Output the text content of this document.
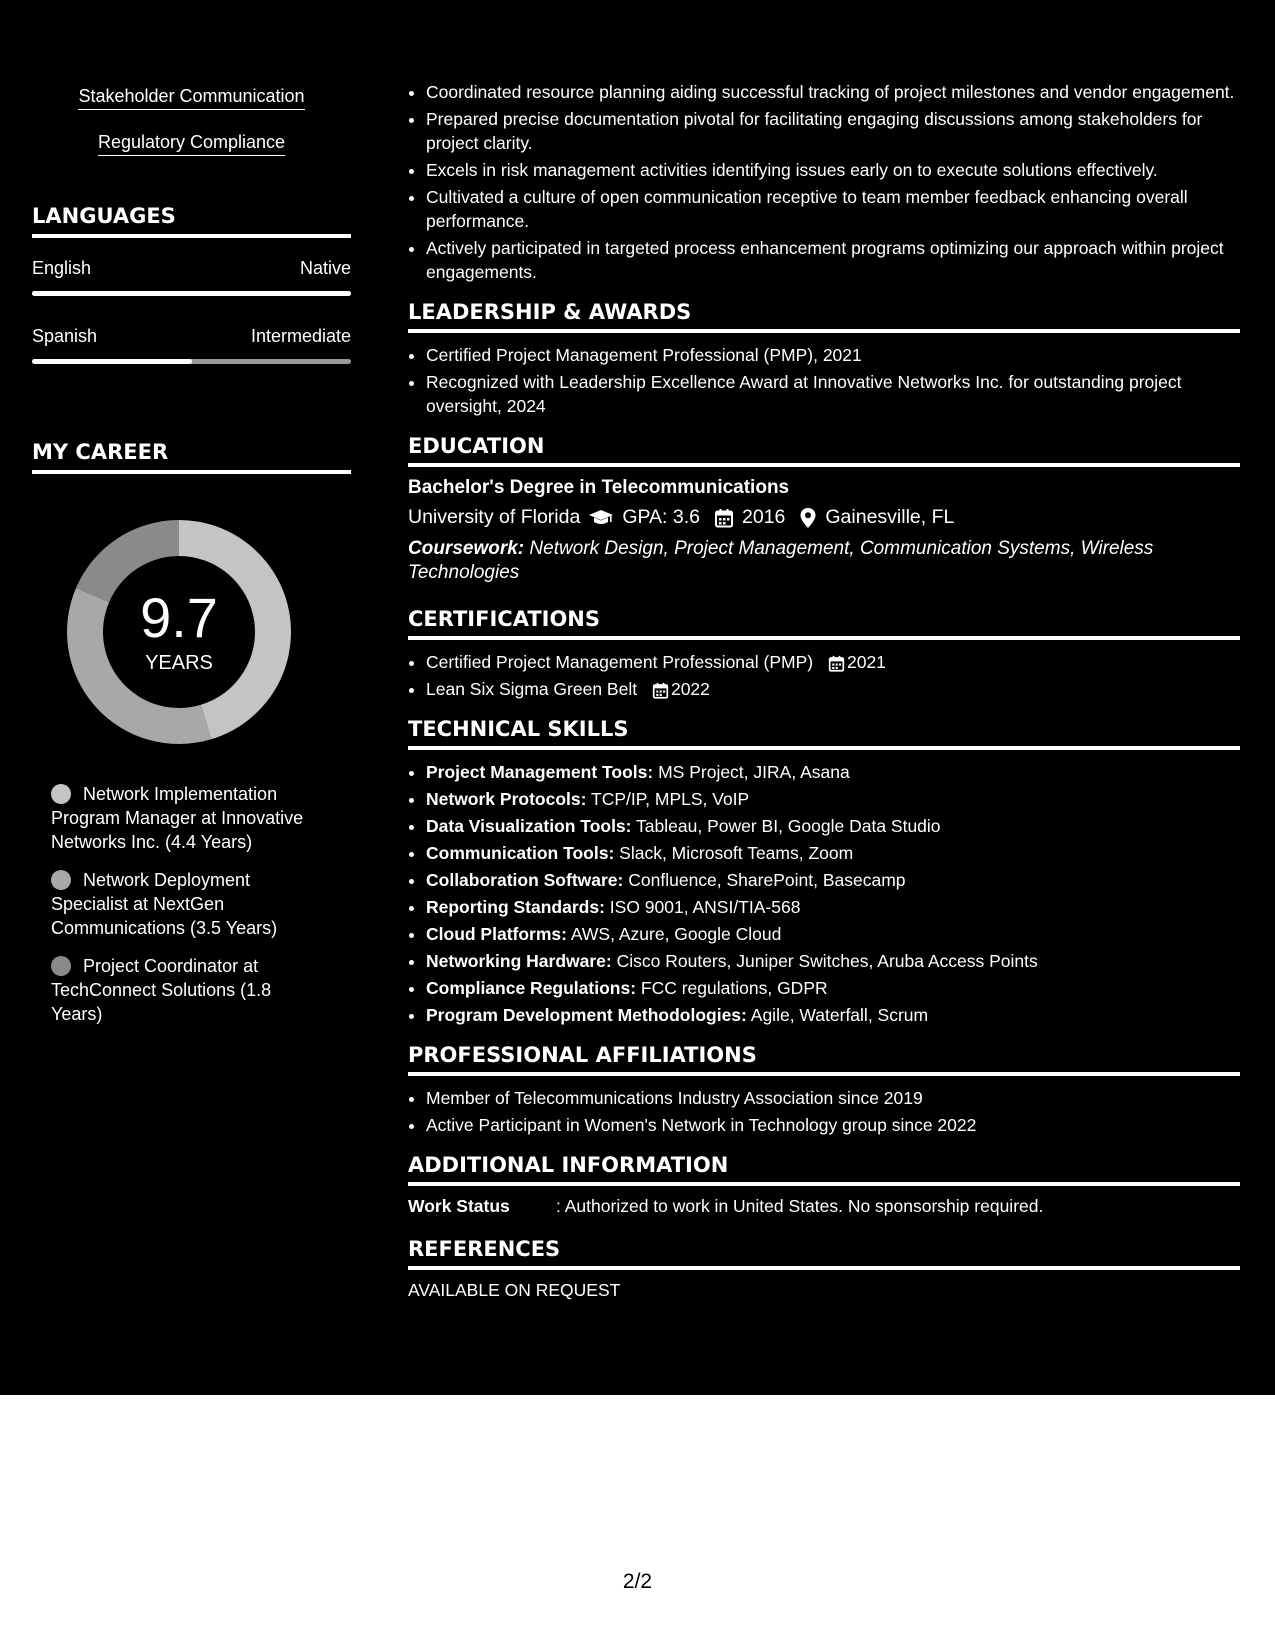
Stakeholder Communication
Regulatory Compliance
LANGUAGES
English	Native
Spanish	Intermediate
MY CAREER
9.7
YEARS
Network Implementation Program Manager at Innovative Networks Inc. (4.4 Years)
Network Deployment Specialist at NextGen Communications (3.5 Years)
Project Coordinator at TechConnect Solutions (1.8 Years)
• Coordinated resource planning aiding successful tracking of project milestones and vendor engagement.
• Prepared precise documentation pivotal for facilitating engaging discussions among stakeholders for project clarity.
• Excels in risk management activities identifying issues early on to execute solutions effectively.
• Cultivated a culture of open communication receptive to team member feedback enhancing overall performance.
• Actively participated in targeted process enhancement programs optimizing our approach within project engagements.
LEADERSHIP & AWARDS
• Certified Project Management Professional (PMP), 2021
• Recognized with Leadership Excellence Award at Innovative Networks Inc. for outstanding project oversight, 2024
EDUCATION
Bachelor's Degree in Telecommunications
University of Florida GPA: 3.6 2016 Gainesville, FL
Coursework: Network Design, Project Management, Communication Systems, Wireless Technologies
CERTIFICATIONS
• Certified Project Management Professional (PMP) 2021
• Lean Six Sigma Green Belt 2022
TECHNICAL SKILLS
• Project Management Tools: MS Project, JIRA, Asana
• Network Protocols: TCP/IP, MPLS, VoIP
• Data Visualization Tools: Tableau, Power BI, Google Data Studio
• Communication Tools: Slack, Microsoft Teams, Zoom
• Collaboration Software: Confluence, SharePoint, Basecamp
• Reporting Standards: ISO 9001, ANSI/TIA-568
• Cloud Platforms: AWS, Azure, Google Cloud
• Networking Hardware: Cisco Routers, Juniper Switches, Aruba Access Points
• Compliance Regulations: FCC regulations, GDPR
• Program Development Methodologies: Agile, Waterfall, Scrum
PROFESSIONAL AFFILIATIONS
• Member of Telecommunications Industry Association since 2019
• Active Participant in Women's Network in Technology group since 2022
ADDITIONAL INFORMATION
Work Status	: Authorized to work in United States. No sponsorship required.
REFERENCES
AVAILABLE ON REQUEST
2/2
